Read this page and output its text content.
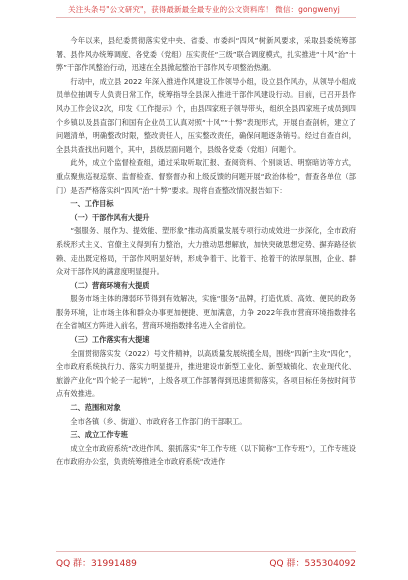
关注头条号"公文研究"，获得最新最全最专业的公文资料库！ 微信：gongwenyj

今年以来，县纪委贯彻落实党中央、省委、市委纠“四风”树新风要求，采取县委统筹部署、县作风办统筹调度、各党委（党组）压实责任“三级”联合调度模式，扎实推进“十风”治“十弊”干部作风整治行动，迅速在全县掀起整治干部作风专项整治热潮。

行动中，成立县 2022 年深入推进作风建设工作领导小组，设立县作风办，从领导小组成员单位抽调专人负责日常工作，统筹指导全县深入推进干部作风建设行动。目前，已召开县作风办工作会议2次，印发《工作提示》个，由县四家班子领导带头，组织全县四家班子成员到四个乡镇以及县直部门和国有企业员工认真对照“十风”“十弊”表现形式，开展自查剖析，建立了问题清单，明确整改时限，整改责任人，压实整改责任，确保问题逐条销号。经过自查自纠，全县共查找出问题个，其中，县级层面问题个，县级各党委（党组）问题个。

此外，成立个监督检查组，通过采取听取汇报、查阅资料、个别谈话、明察暗访等方式，重点聚焦巡视巡察、监督检查、督察督办和上级反馈的问题开展“政治体检”，督查各单位（部门）是否严格落实纠“四风”治“十弊”要求。现将自查整改情况报告如下：

一、工作目标

（一）干部作风有大提升

“强服务、展作为、提效能、塑形象”推动高质量发展专项行动成效进一步深化，全市政府系统形式主义、官僚主义得到有力整治，大力推动思想解放，加快突破思想定势、摒弃路径依赖、走出既定格局，干部作风明显好转，形成争着干、比着干、抢着干的浓厚氛围，企业、群众对干部作风的满意度明显提升。

（二）营商环境有大提质

服务市场主体的薄弱环节得到有效解决，实施“服务”品牌，打造优质、高效、便民的政务服务环境，让市场主体和群众办事更加便捷、更加满意，力争 2022年我市营商环境指数排名在全省城区方阵进入前名，营商环境指数排名进入全省前位。

（三）工作落实有大提速

全面贯彻落实发（2022）号文件精神，以高质量发展统揽全局，围绕“四新”主攻“四化”，全市政府系统执行力、落实力明显提升，推进建设市新型工业化、新型城镇化、农业现代化、旅游产业化“四个轮子一起转”，上级各项工作部署得到迅速贯彻落实，各项目标任务按时间节点有效推进。

二、范围和对象

全市各镇（乡、街道）、市政府各工作部门的干部职工。

三、成立工作专班

成立全市政府系统“改进作风、狠抓落实”年工作专班（以下简称“工作专班”），工作专班设在市政府办公室，负责统筹推进全市政府系统“改进作

QQ 群：31991489	QQ 群：535304092
